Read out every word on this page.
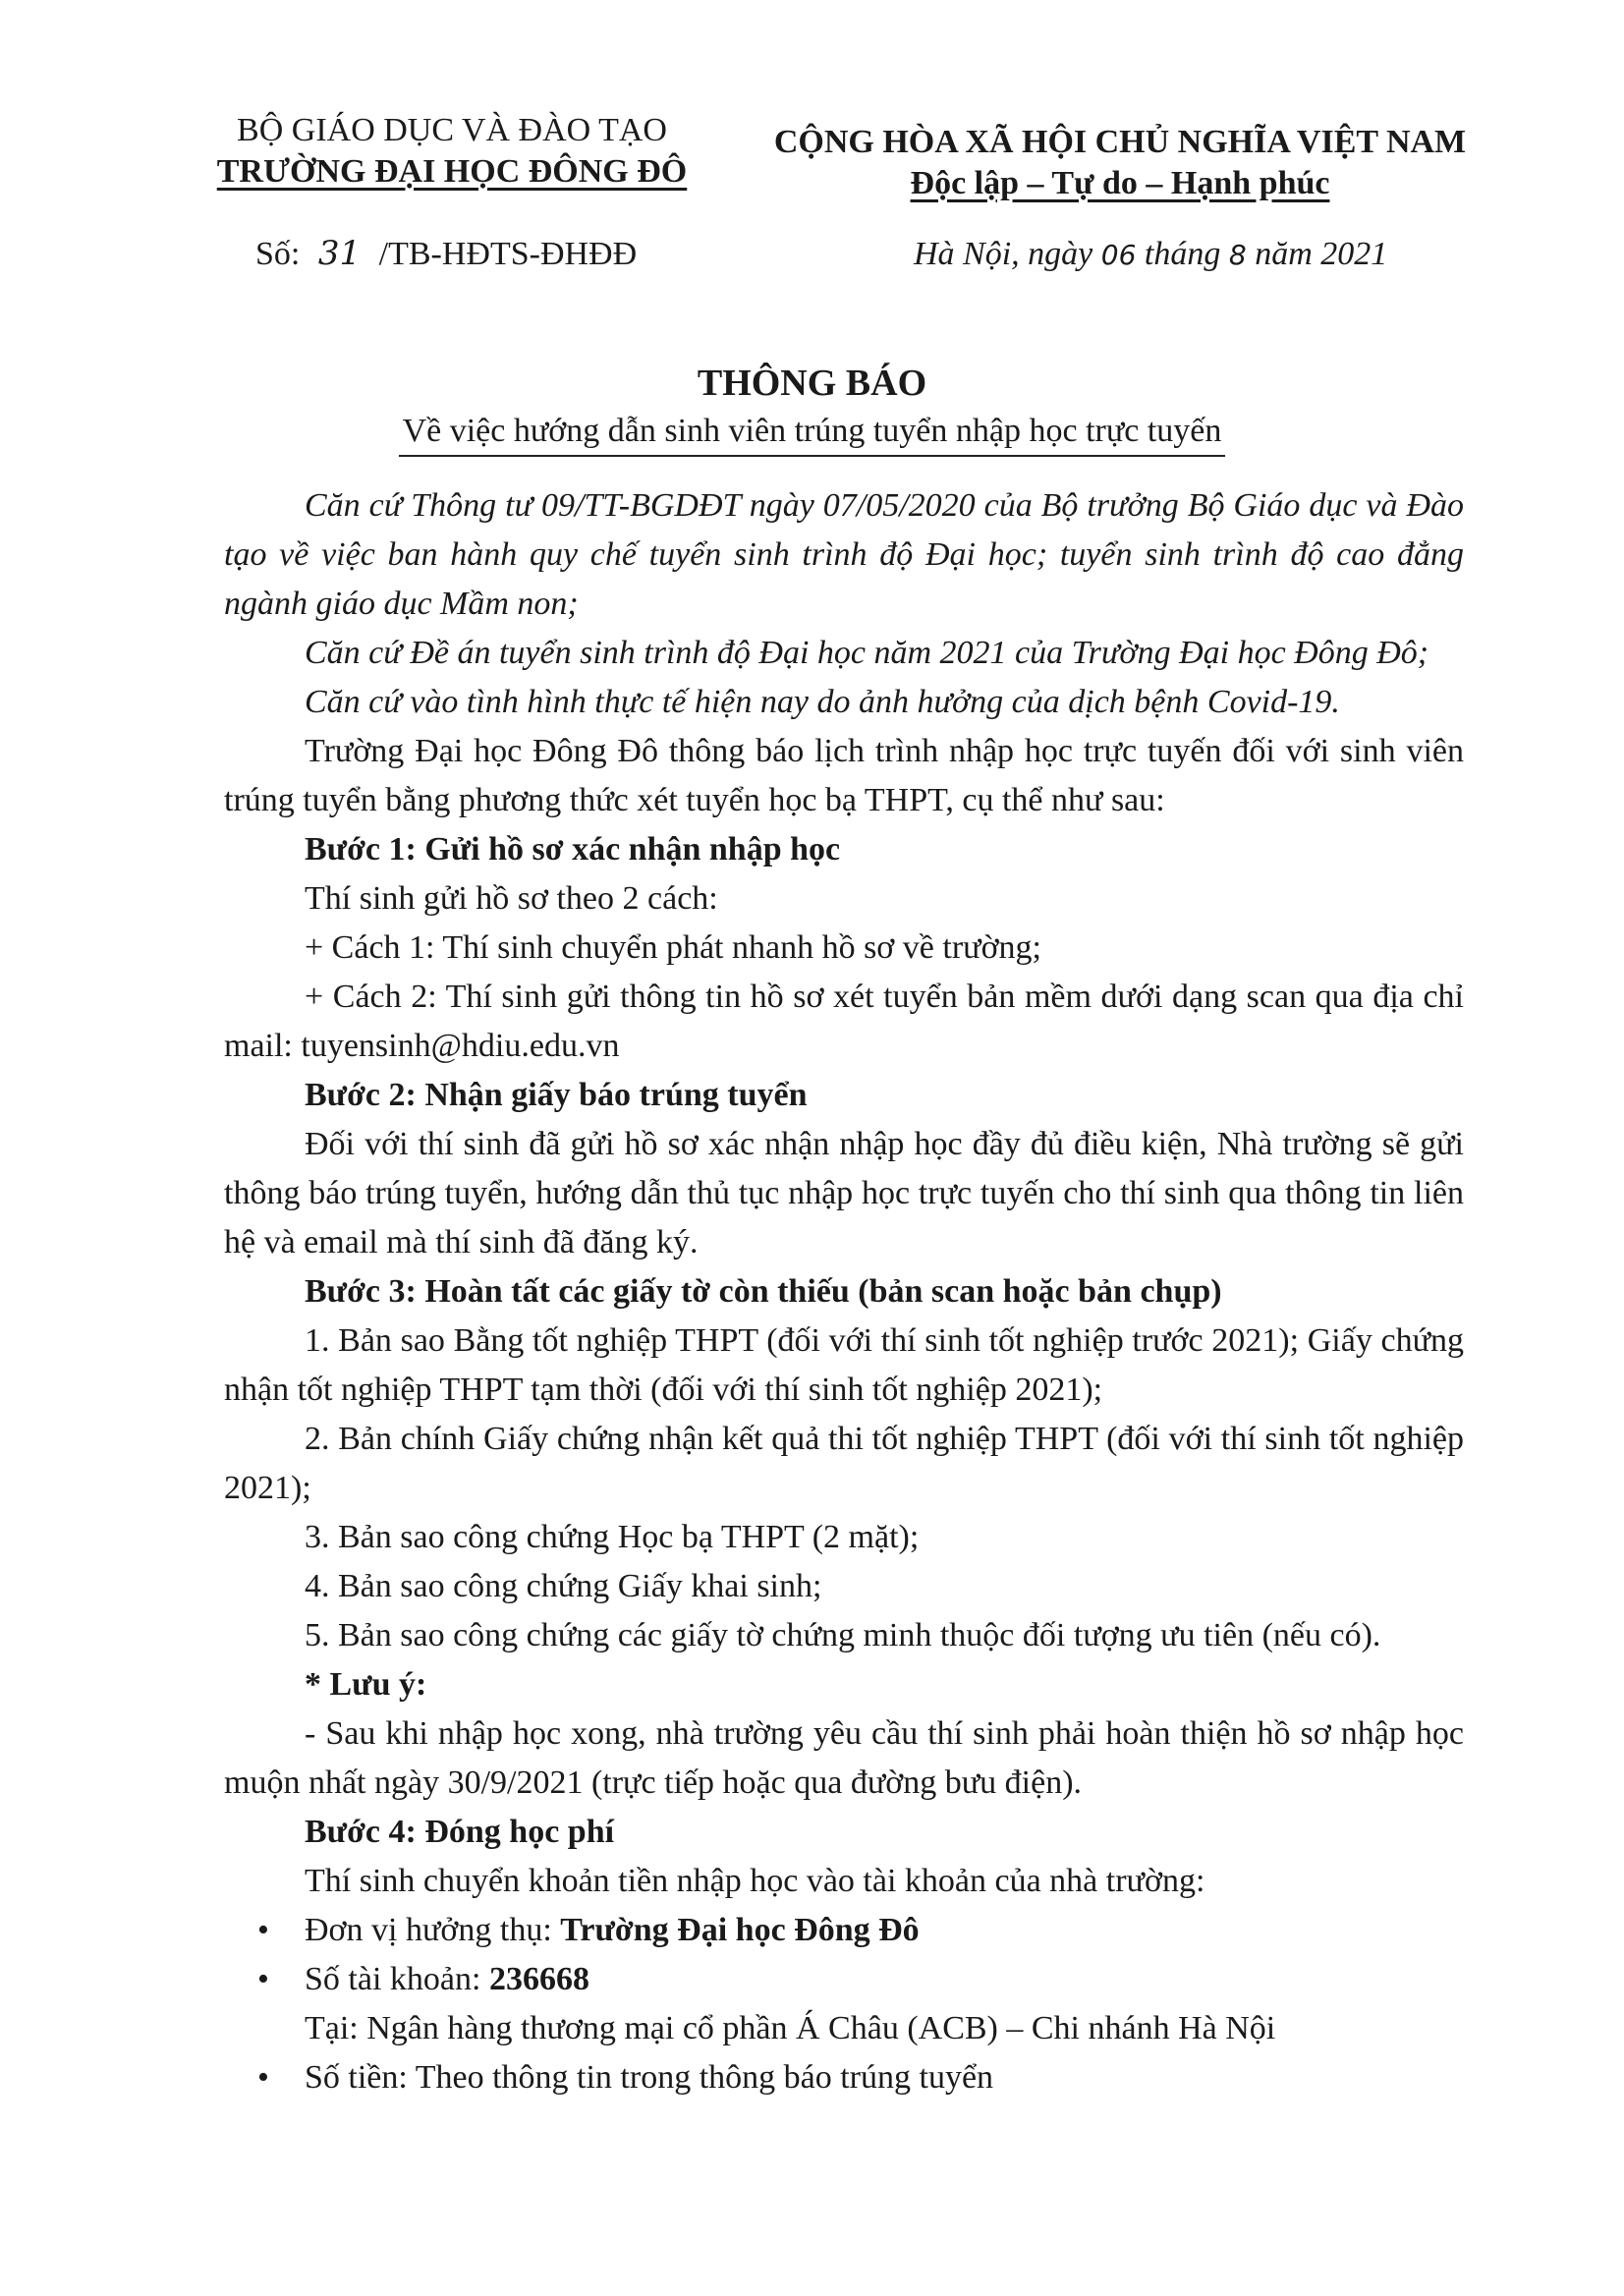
BỘ GIÁO DỤC VÀ ĐÀO TẠO
TRƯỜNG ĐẠI HỌC ĐÔNG ĐÔ
CỘNG HÒA XÃ HỘI CHỦ NGHĨA VIỆT NAM
Độc lập – Tự do – Hạnh phúc
Số: 31 /TB-HĐTS-ĐHĐĐ	Hà Nội, ngày 06 tháng 8 năm 2021
THÔNG BÁO
Về việc hướng dẫn sinh viên trúng tuyển nhập học trực tuyến

Căn cứ Thông tư 09/TT-BGDĐT ngày 07/05/2020 của Bộ trưởng Bộ Giáo dục và Đào tạo về việc ban hành quy chế tuyển sinh trình độ Đại học; tuyển sinh trình độ cao đẳng ngành giáo dục Mầm non;

Căn cứ Đề án tuyển sinh trình độ Đại học năm 2021 của Trường Đại học Đông Đô;

Căn cứ vào tình hình thực tế hiện nay do ảnh hưởng của dịch bệnh Covid-19.

Trường Đại học Đông Đô thông báo lịch trình nhập học trực tuyến đối với sinh viên trúng tuyển bằng phương thức xét tuyển học bạ THPT, cụ thể như sau:

Bước 1: Gửi hồ sơ xác nhận nhập học

Thí sinh gửi hồ sơ theo 2 cách:

+ Cách 1: Thí sinh chuyển phát nhanh hồ sơ về trường;

+ Cách 2: Thí sinh gửi thông tin hồ sơ xét tuyển bản mềm dưới dạng scan qua địa chỉ mail: tuyensinh@hdiu.edu.vn

Bước 2: Nhận giấy báo trúng tuyển

Đối với thí sinh đã gửi hồ sơ xác nhận nhập học đầy đủ điều kiện, Nhà trường sẽ gửi thông báo trúng tuyển, hướng dẫn thủ tục nhập học trực tuyến cho thí sinh qua thông tin liên hệ và email mà thí sinh đã đăng ký.

Bước 3: Hoàn tất các giấy tờ còn thiếu (bản scan hoặc bản chụp)

1. Bản sao Bằng tốt nghiệp THPT (đối với thí sinh tốt nghiệp trước 2021); Giấy chứng nhận tốt nghiệp THPT tạm thời (đối với thí sinh tốt nghiệp 2021);

2. Bản chính Giấy chứng nhận kết quả thi tốt nghiệp THPT (đối với thí sinh tốt nghiệp 2021);

3. Bản sao công chứng Học bạ THPT (2 mặt);

4. Bản sao công chứng Giấy khai sinh;

5. Bản sao công chứng các giấy tờ chứng minh thuộc đối tượng ưu tiên (nếu có).

* Lưu ý:

- Sau khi nhập học xong, nhà trường yêu cầu thí sinh phải hoàn thiện hồ sơ nhập học muộn nhất ngày 30/9/2021 (trực tiếp hoặc qua đường bưu điện).

Bước 4: Đóng học phí

Thí sinh chuyển khoản tiền nhập học vào tài khoản của nhà trường:

• Đơn vị hưởng thụ: Trường Đại học Đông Đô
• Số tài khoản: 236668
Tại: Ngân hàng thương mại cổ phần Á Châu (ACB) – Chi nhánh Hà Nội
• Số tiền: Theo thông tin trong thông báo trúng tuyển
